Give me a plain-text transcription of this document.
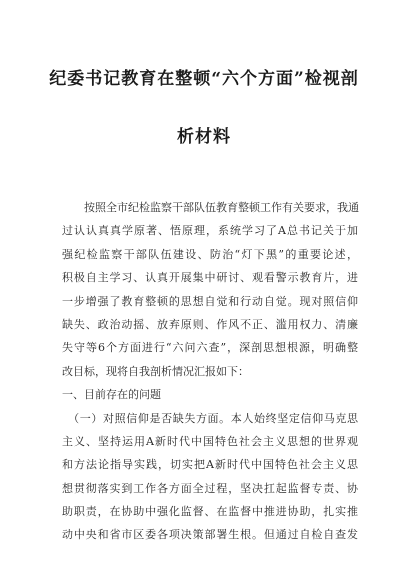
纪委书记教育在整顿“六个方面”检视剖
析材料
　　按照全市纪检监察干部队伍教育整顿工作有关要求，我通
过认认真真学原著、悟原理，系统学习了A总书记关于加
强纪检监察干部队伍建设、防治“灯下黑”的重要论述，
积极自主学习、认真开展集中研讨、观看警示教育片，进
一步增强了教育整顿的思想自觉和行动自觉。现对照信仰
缺失、政治动摇、放弃原则、作风不正、滥用权力、清廉
失守等6个方面进行“六问六查”，深剖思想根源，明确整
改目标，现将自我剖析情况汇报如下：
一、目前存在的问题
　（一）对照信仰是否缺失方面。本人始终坚定信仰马克思
主义、坚持运用A新时代中国特色社会主义思想的世界观
和方法论指导实践，切实把A新时代中国特色社会主义思
想贯彻落实到工作各方面全过程，坚决扛起监督专责、协
助职责，在协助中强化监督、在监督中推进协助，扎实推
动中央和省市区委各项决策部署生根。但通过自检自查发
